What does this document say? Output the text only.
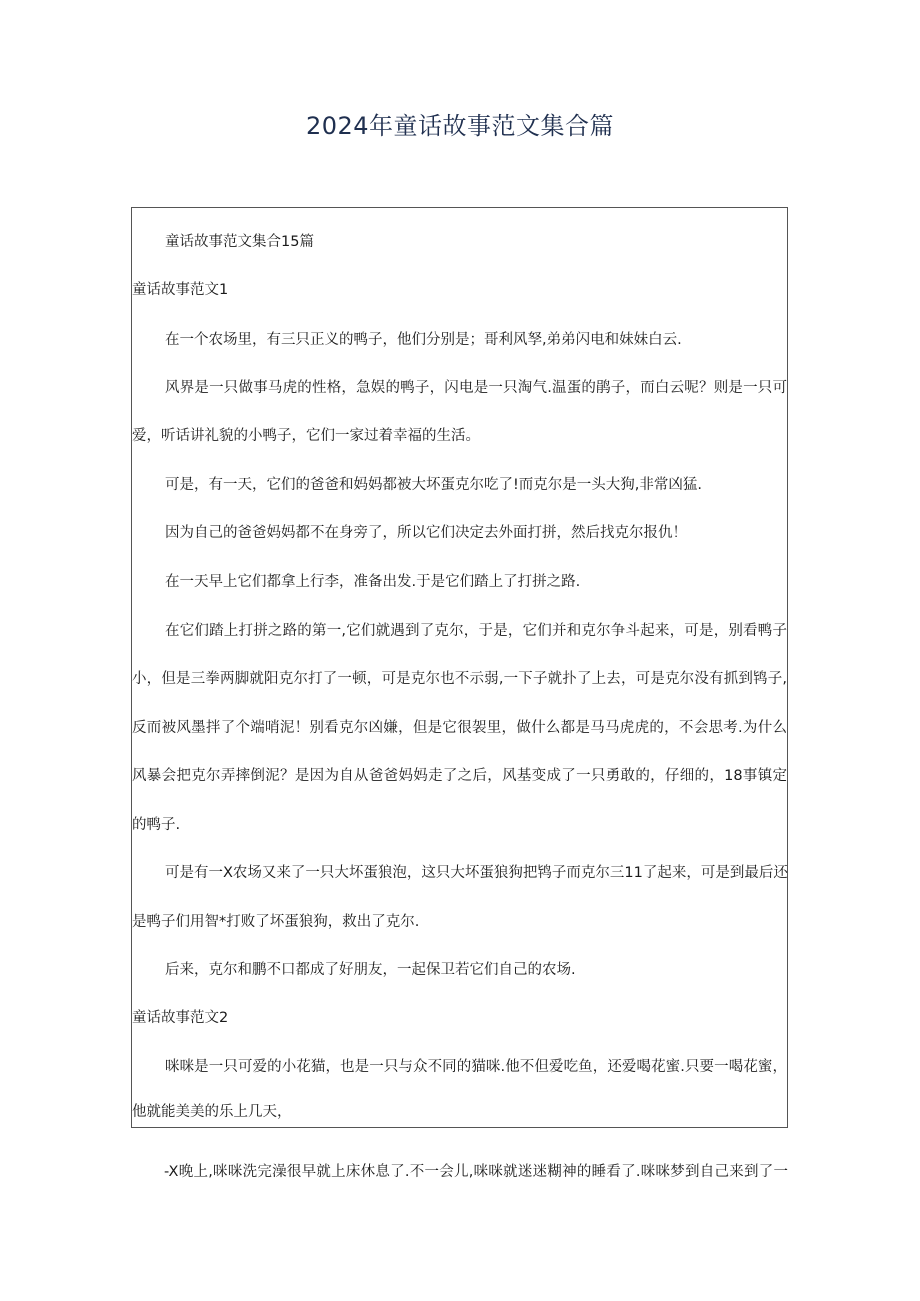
2024年童话故事范文集合篇
童话故事范文集合15篇
童话故事范文1
在一个农场里，有三只正义的鸭子，他们分别是；哥利风孥,弟弟闪电和妹妹白云.
风界是一只做事马虎的性格，急娱的鸭子，闪电是一只淘气.温蛋的鹃子，而白云呢？则是一只可
爱，听话讲礼貌的小鸭子，它们一家过着幸福的生活。
可是，有一天，它们的爸爸和妈妈都被大坏蛋克尔吃了!而克尔是一头大狗,非常凶猛.
因为自己的爸爸妈妈都不在身旁了，所以它们决定去外面打拼，然后找克尔报仇！
在一天早上它们都拿上行李，准备出发.于是它们踏上了打拼之路.
在它们踏上打拼之路的第一,它们就遇到了克尔，于是，它们并和克尔争斗起来，可是，别看鸭子
小，但是三拳两脚就阳克尔打了一顿，可是克尔也不示弱,一下子就扑了上去，可是克尔没有抓到鸨子,
反而被风墨拌了个端哨泥！别看克尔凶嫌，但是它很袈里，做什么都是马马虎虎的，不会思考.为什么
风暴会把克尔弄摔倒泥？是因为自从爸爸妈妈走了之后，风基变成了一只勇敢的，仔细的，18事镇定
的鸭子.
可是有一X农场又来了一只大坏蛋狼泡，这只大坏蛋狼狗把鸨子而克尔三11了起来，可是到最后还
是鸭子们用智*打败了坏蛋狼狗，救出了克尔.
后来，克尔和鹏不口都成了好朋友，一起保卫若它们自己的农场.
童话故事范文2
咪咪是一只可爱的小花猫，也是一只与众不同的猫咪.他不但爱吃鱼，还爱喝花蜜.只要一喝花蜜，
他就能美美的乐上几天，
-X晚上,咪咪洗完澡很早就上床休息了.不一会儿,咪咪就迷迷糊神的睡看了.咪咪梦到自己来到了一
